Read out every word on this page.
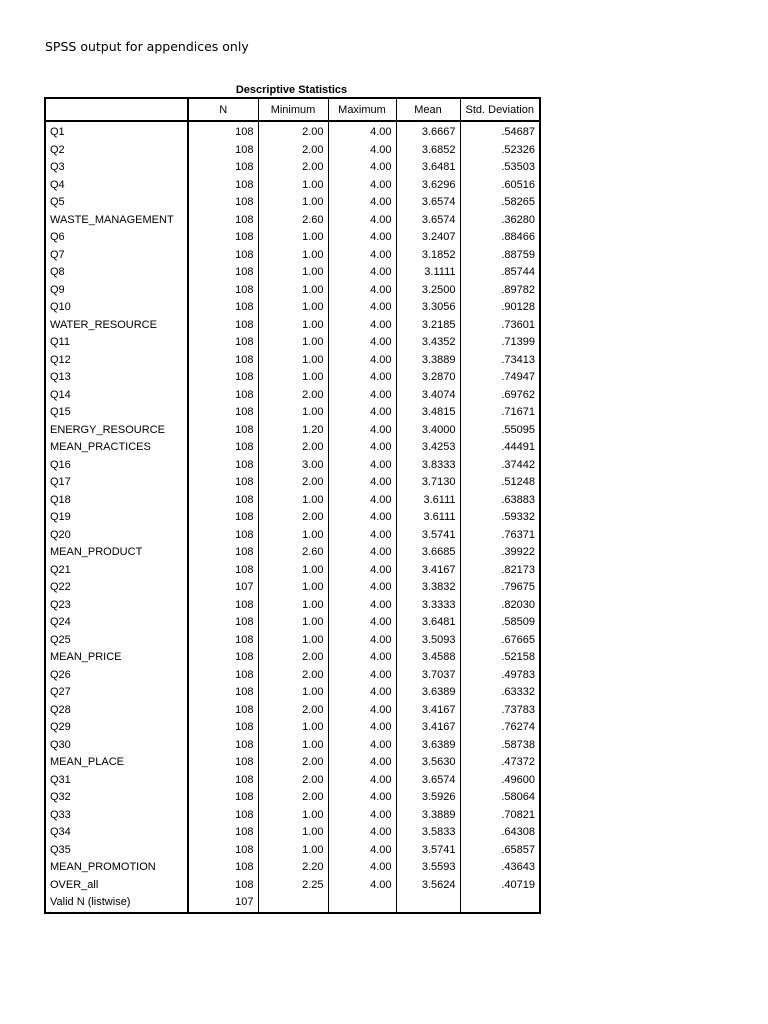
SPSS output for appendices only
Descriptive Statistics
	N	Minimum	Maximum	Mean	Std. Deviation
Q1	108	2.00	4.00	3.6667	.54687
Q2	108	2.00	4.00	3.6852	.52326
Q3	108	2.00	4.00	3.6481	.53503
Q4	108	1.00	4.00	3.6296	.60516
Q5	108	1.00	4.00	3.6574	.58265
WASTE_MANAGEMENT	108	2.60	4.00	3.6574	.36280
Q6	108	1.00	4.00	3.2407	.88466
Q7	108	1.00	4.00	3.1852	.88759
Q8	108	1.00	4.00	3.1111	.85744
Q9	108	1.00	4.00	3.2500	.89782
Q10	108	1.00	4.00	3.3056	.90128
WATER_RESOURCE	108	1.00	4.00	3.2185	.73601
Q11	108	1.00	4.00	3.4352	.71399
Q12	108	1.00	4.00	3.3889	.73413
Q13	108	1.00	4.00	3.2870	.74947
Q14	108	2.00	4.00	3.4074	.69762
Q15	108	1.00	4.00	3.4815	.71671
ENERGY_RESOURCE	108	1.20	4.00	3.4000	.55095
MEAN_PRACTICES	108	2.00	4.00	3.4253	.44491
Q16	108	3.00	4.00	3.8333	.37442
Q17	108	2.00	4.00	3.7130	.51248
Q18	108	1.00	4.00	3.6111	.63883
Q19	108	2.00	4.00	3.6111	.59332
Q20	108	1.00	4.00	3.5741	.76371
MEAN_PRODUCT	108	2.60	4.00	3.6685	.39922
Q21	108	1.00	4.00	3.4167	.82173
Q22	107	1.00	4.00	3.3832	.79675
Q23	108	1.00	4.00	3.3333	.82030
Q24	108	1.00	4.00	3.6481	.58509
Q25	108	1.00	4.00	3.5093	.67665
MEAN_PRICE	108	2.00	4.00	3.4588	.52158
Q26	108	2.00	4.00	3.7037	.49783
Q27	108	1.00	4.00	3.6389	.63332
Q28	108	2.00	4.00	3.4167	.73783
Q29	108	1.00	4.00	3.4167	.76274
Q30	108	1.00	4.00	3.6389	.58738
MEAN_PLACE	108	2.00	4.00	3.5630	.47372
Q31	108	2.00	4.00	3.6574	.49600
Q32	108	2.00	4.00	3.5926	.58064
Q33	108	1.00	4.00	3.3889	.70821
Q34	108	1.00	4.00	3.5833	.64308
Q35	108	1.00	4.00	3.5741	.65857
MEAN_PROMOTION	108	2.20	4.00	3.5593	.43643
OVER_all	108	2.25	4.00	3.5624	.40719
Valid N (listwise)	107				
